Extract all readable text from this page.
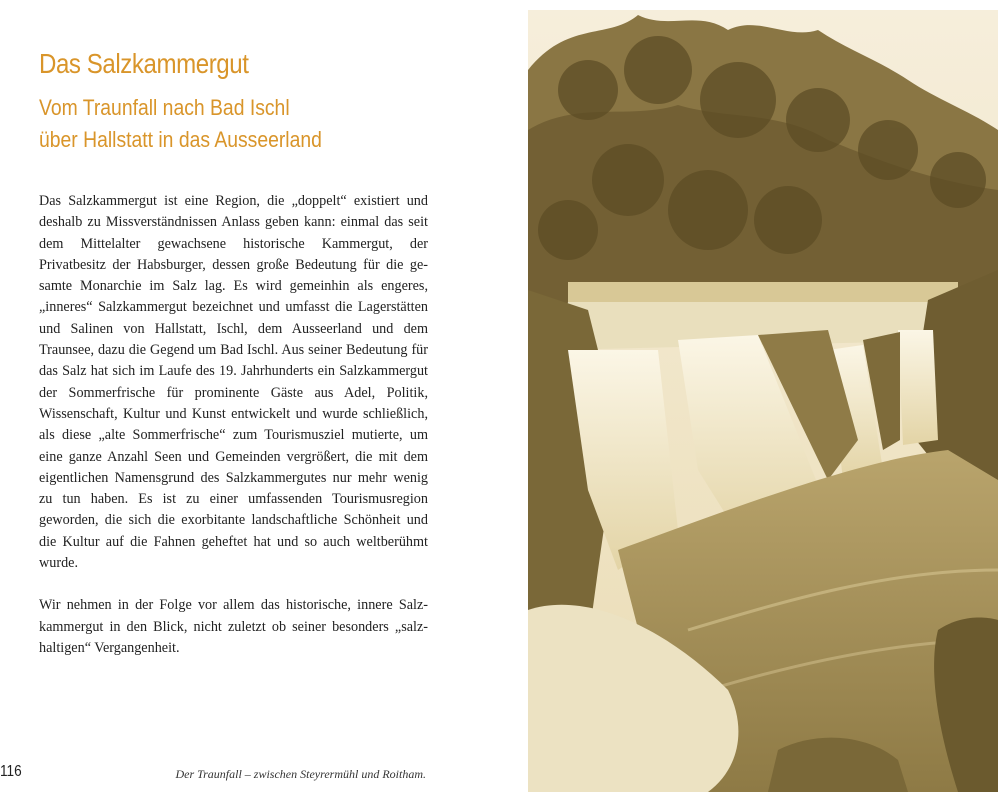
Das Salzkammergut
Vom Traunfall nach Bad Ischl
über Hallstatt in das Ausseerland

Das Salzkammergut ist eine Region, die „doppelt“ existiert und deshalb zu Missverständnissen Anlass geben kann: einmal das seit dem Mittelalter gewachsene historische Kammergut, der Privatbesitz der Habsburger, dessen große Bedeutung für die gesamte Monarchie im Salz lag. Es wird gemeinhin als engeres, „inneres“ Salzkammergut bezeichnet und umfasst die Lagerstätten und Salinen von Hallstatt, Ischl, dem Ausseerland und dem Traunsee, dazu die Gegend um Bad Ischl. Aus seiner Bedeutung für das Salz hat sich im Laufe des 19. Jahrhunderts ein Salzkammergut der Sommerfrische für prominente Gäste aus Adel, Politik, Wissenschaft, Kultur und Kunst entwickelt und wurde schließlich, als diese „alte Sommerfrische“ zum Tourismusziel mutierte, um eine ganze Anzahl Seen und Gemeinden vergrößert, die mit dem eigentlichen Namensgrund des Salzkammergutes nur mehr wenig zu tun haben. Es ist zu einer umfassenden Tourismusregion geworden, die sich die exorbitante landschaftliche Schönheit und die Kultur auf die Fahnen geheftet hat und so auch weltberühmt wurde.

Wir nehmen in der Folge vor allem das historische, innere Salzkammergut in den Blick, nicht zuletzt ob seiner besonders „salzhaltigen“ Vergangenheit.

116	Der Traunfall – zwischen Steyrermühl und Roitham.
